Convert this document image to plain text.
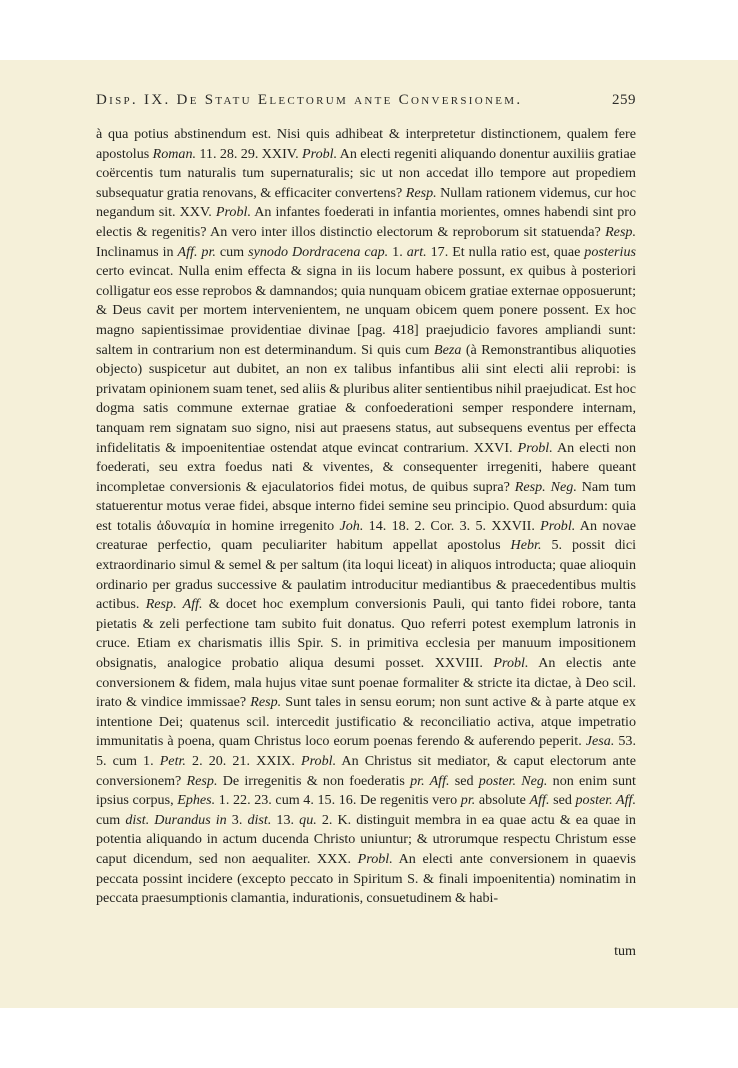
Disp. IX. De Statu Electorum ante Conversionem.	259

à qua potius abstinendum est. Nisi quis adhibeat & interpretetur distinctionem, qualem fere apostolus Roman. 11. 28. 29. XXIV. Probl. An electi regeniti aliquando donentur auxiliis gratiae coërcentis tum naturalis tum supernaturalis; sic ut non accedat illo tempore aut propediem subsequatur gratia renovans, & efficaciter convertens? Resp. Nullam rationem videmus, cur hoc negandum sit. XXV. Probl. An infantes foederati in infantia morientes, omnes habendi sint pro electis & regenitis? An vero inter illos distinctio electorum & reproborum sit statuenda? Resp. Inclinamus in Aff. pr. cum synodo Dordracena cap. 1. art. 17. Et nulla ratio est, quae posterius certo evincat. Nulla enim effecta & signa in iis locum habere possunt, ex quibus à posteriori colligatur eos esse reprobos & damnandos; quia nunquam obicem gratiae externae opposuerunt; & Deus cavit per mortem intervenientem, ne unquam obicem quem ponere possent. Ex hoc magno sapientissimae providentiae divinae [pag. 418] praejudicio favores ampliandi sunt: saltem in contrarium non est determinandum. Si quis cum Beza (à Remonstrantibus aliquoties objecto) suspicetur aut dubitet, an non ex talibus infantibus alii sint electi alii reprobi: is privatam opinionem suam tenet, sed aliis & pluribus aliter sentientibus nihil praejudicat. Est hoc dogma satis commune externae gratiae & confoederationi semper respondere internam, tanquam rem signatam suo signo, nisi aut praesens status, aut subsequens eventus per effecta infidelitatis & impoenitentiae ostendat atque evincat contrarium. XXVI. Probl. An electi non foederati, seu extra foedus nati & viventes, & consequenter irregeniti, habere queant incompletae conversionis & ejaculatorios fidei motus, de quibus supra? Resp. Neg. Nam tum statuerentur motus verae fidei, absque interno fidei semine seu principio. Quod absurdum: quia est totalis ἀδυναμία in homine irregenito Joh. 14. 18. 2. Cor. 3. 5. XXVII. Probl. An novae creaturae perfectio, quam peculiariter habitum appellat apostolus Hebr. 5. possit dici extraordinario simul & semel & per saltum (ita loqui liceat) in aliquos introducta; quae alioquin ordinario per gradus successive & paulatim introducitur mediantibus & praecedentibus multis actibus. Resp. Aff. & docet hoc exemplum conversionis Pauli, qui tanto fidei robore, tanta pietatis & zeli perfectione tam subito fuit donatus. Quo referri potest exemplum latronis in cruce. Etiam ex charismatis illis Spir. S. in primitiva ecclesia per manuum impositionem obsignatis, analogice probatio aliqua desumi posset. XXVIII. Probl. An electis ante conversionem & fidem, mala hujus vitae sunt poenae formaliter & stricte ita dictae, à Deo scil. irato & vindice immissae? Resp. Sunt tales in sensu eorum; non sunt active & à parte atque ex intentione Dei; quatenus scil. intercedit justificatio & reconciliatio activa, atque impetratio immunitatis à poena, quam Christus loco eorum poenas ferendo & auferendo peperit. Jesa. 53. 5. cum 1. Petr. 2. 20. 21. XXIX. Probl. An Christus sit mediator, & caput electorum ante conversionem? Resp. De irregenitis & non foederatis pr. Aff. sed poster. Neg. non enim sunt ipsius corpus, Ephes. 1. 22. 23. cum 4. 15. 16. De regenitis vero pr. absolute Aff. sed poster. Aff. cum dist. Durandus in 3. dist. 13. qu. 2. K. distinguit membra in ea quae actu & ea quae in potentia aliquando in actum ducenda Christo uniuntur; & utrorumque respectu Christum esse caput dicendum, sed non aequaliter. XXX. Probl. An electi ante conversionem in quaevis peccata possint incidere (excepto peccato in Spiritum S. & finali impoenitentia) nominatim in peccata praesumptionis clamantia, indurationis, consuetudinem & habi-

tum
